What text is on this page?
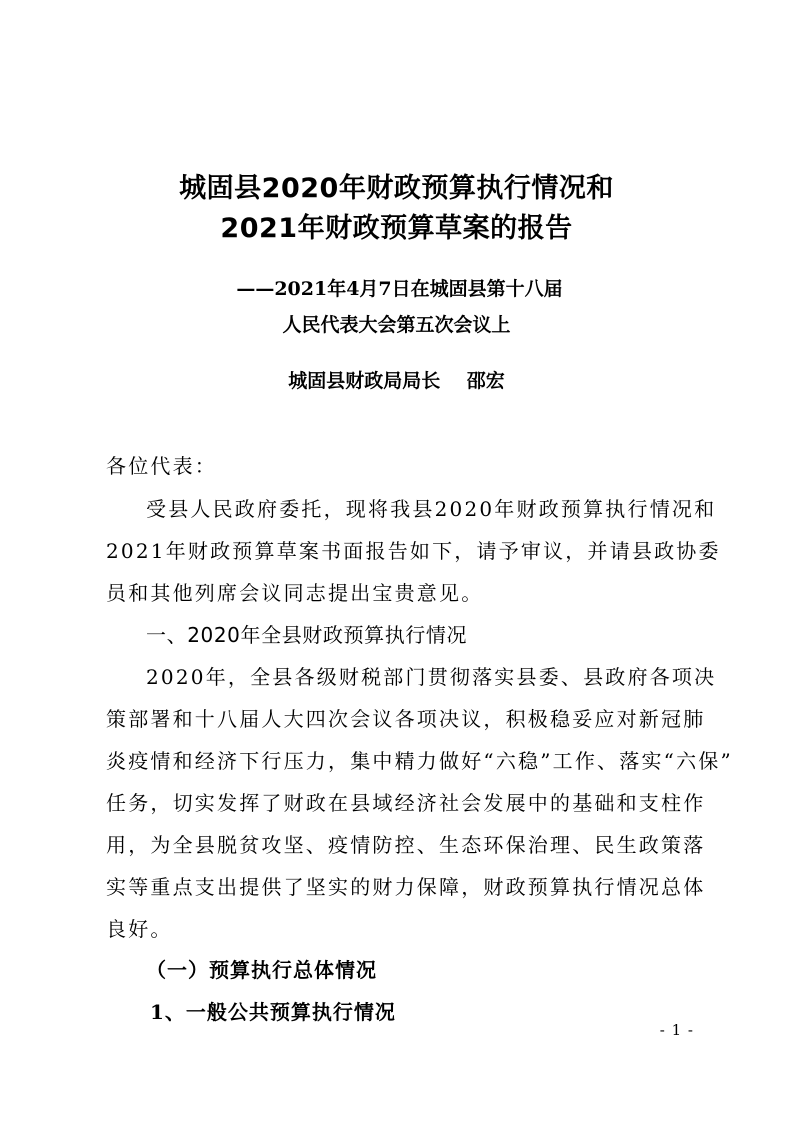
城固县2020年财政预算执行情况和
2021年财政预算草案的报告
——2021年4月7日在城固县第十八届
人民代表大会第五次会议上
城固县财政局局长    邵宏
各位代表：
受县人民政府委托，现将我县2020年财政预算执行情况和
2021年财政预算草案书面报告如下，请予审议，并请县政协委
员和其他列席会议同志提出宝贵意见。
一、2020年全县财政预算执行情况
2020年，全县各级财税部门贯彻落实县委、县政府各项决
策部署和十八届人大四次会议各项决议，积极稳妥应对新冠肺
炎疫情和经济下行压力，集中精力做好“六稳”工作、落实“六保”
任务，切实发挥了财政在县域经济社会发展中的基础和支柱作
用，为全县脱贫攻坚、疫情防控、生态环保治理、民生政策落
实等重点支出提供了坚实的财力保障，财政预算执行情况总体
良好。
（一）预算执行总体情况
1、一般公共预算执行情况
- 1 -
